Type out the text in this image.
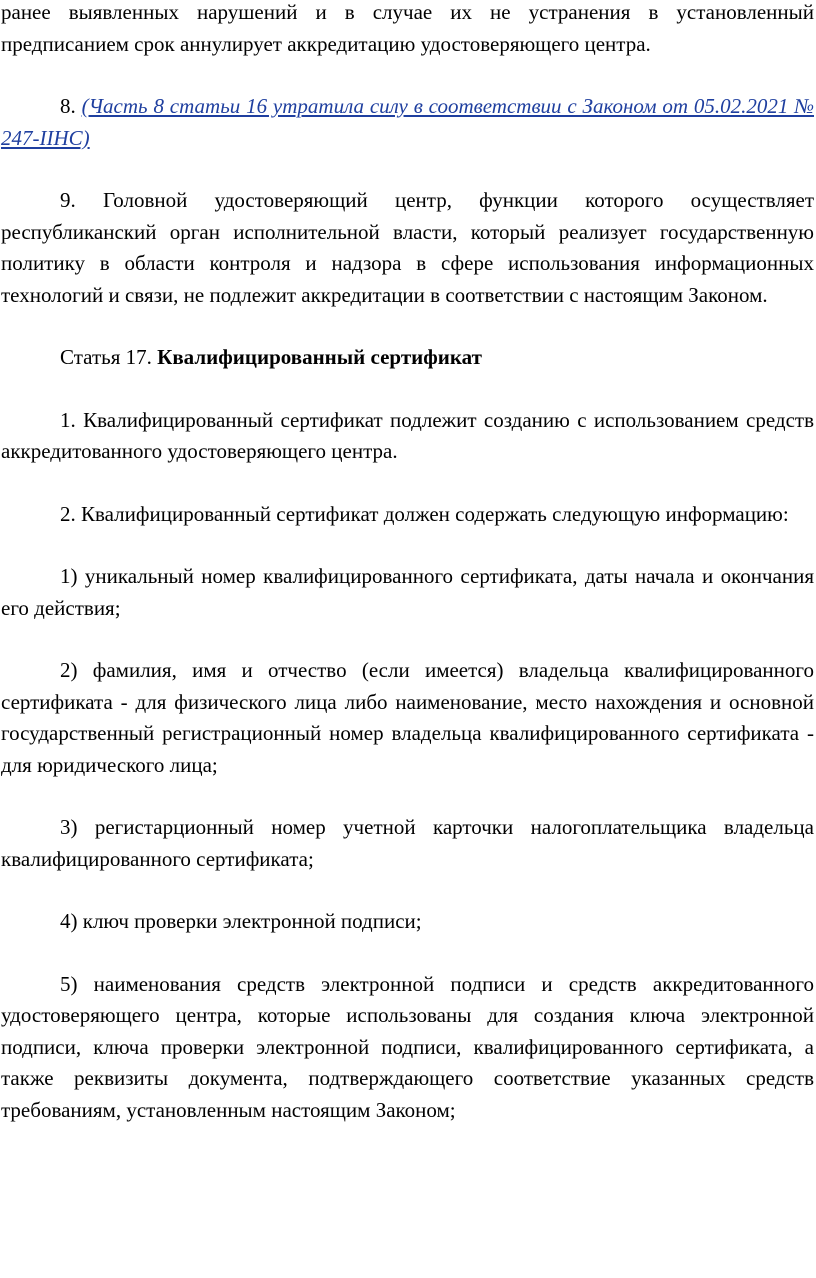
ранее выявленных нарушений и в случае их не устранения в установленный предписанием срок аннулирует аккредитацию удостоверяющего центра.

8. (Часть 8 статьи 16 утратила силу в соответствии с Законом от 05.02.2021 № 247-IIНС)

9. Головной удостоверяющий центр, функции которого осуществляет республиканский орган исполнительной власти, который реализует государственную политику в области контроля и надзора в сфере использования информационных технологий и связи, не подлежит аккредитации в соответствии с настоящим Законом.

Статья 17. Квалифицированный сертификат

1. Квалифицированный сертификат подлежит созданию с использованием средств аккредитованного удостоверяющего центра.

2. Квалифицированный сертификат должен содержать следующую информацию:

1) уникальный номер квалифицированного сертификата, даты начала и окончания его действия;

2) фамилия, имя и отчество (если имеется) владельца квалифицированного сертификата - для физического лица либо наименование, место нахождения и основной государственный регистрационный номер владельца квалифицированного сертификата - для юридического лица;

3) регистарционный номер учетной карточки налогоплательщика владельца квалифицированного сертификата;

4) ключ проверки электронной подписи;

5) наименования средств электронной подписи и средств аккредитованного удостоверяющего центра, которые использованы для создания ключа электронной подписи, ключа проверки электронной подписи, квалифицированного сертификата, а также реквизиты документа, подтверждающего соответствие указанных средств требованиям, установленным настоящим Законом;
